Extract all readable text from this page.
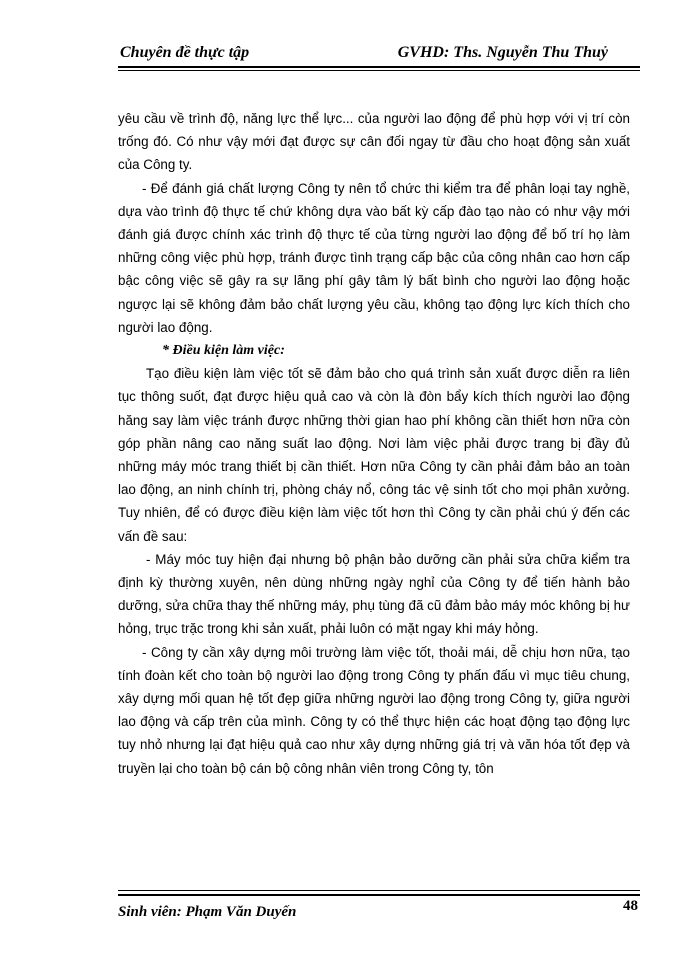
Chuyên đề thực tập	GVHD: Ths. Nguyễn Thu Thuỷ

yêu cầu về trình độ, năng lực thể lực... của người lao động để phù hợp với vị trí còn trống đó. Có như vậy mới đạt được sự cân đối ngay từ đầu cho hoạt động sản xuất của Công ty.

- Để đánh giá chất lượng Công ty nên tổ chức thi kiểm tra để phân loại tay nghề, dựa vào trình độ thực tế chứ không dựa vào bất kỳ cấp đào tạo nào có như vậy mới đánh giá được chính xác trình độ thực tế của từng người lao động để bố trí họ làm những công việc phù hợp, tránh được tình trạng cấp bậc của công nhân cao hơn cấp bậc công việc sẽ gây ra sự lãng phí gây tâm lý bất bình cho người lao động hoặc ngược lại sẽ không đảm bảo chất lượng yêu cầu, không tạo động lực kích thích cho người lao động.

* Điều kiện làm việc:

Tạo điều kiện làm việc tốt sẽ đảm bảo cho quá trình sản xuất được diễn ra liên tục thông suốt, đạt được hiệu quả cao và còn là đòn bẩy kích thích người lao động hăng say làm việc tránh được những thời gian hao phí không cần thiết hơn nữa còn góp phần nâng cao năng suất lao động. Nơi làm việc phải được trang bị đầy đủ những máy móc trang thiết bị cần thiết. Hơn nữa Công ty cần phải đảm bảo an toàn lao động, an ninh chính trị, phòng cháy nổ, công tác vệ sinh tốt cho mọi phân xưởng. Tuy nhiên, để có được điều kiện làm việc tốt hơn thì Công ty cần phải chú ý đến các vấn đề sau:

- Máy móc tuy hiện đại nhưng bộ phận bảo dưỡng cần phải sửa chữa kiểm tra định kỳ thường xuyên, nên dùng những ngày nghỉ của Công ty để tiến hành bảo dưỡng, sửa chữa thay thế những máy, phụ tùng đã cũ đảm bảo máy móc không bị hư hỏng, trục trặc trong khi sản xuất, phải luôn có mặt ngay khi máy hỏng.

- Công ty cần xây dựng môi trường làm việc tốt, thoải mái, dễ chịu hơn nữa, tạo tính đoàn kết cho toàn bộ người lao động trong Công ty phấn đấu vì mục tiêu chung, xây dựng mối quan hệ tốt đẹp giữa những người lao động trong Công ty, giữa người lao động và cấp trên của mình. Công ty có thể thực hiện các hoạt động tạo động lực tuy nhỏ nhưng lại đạt hiệu quả cao như xây dựng những giá trị và văn hóa tốt đẹp và truyền lại cho toàn bộ cán bộ công nhân viên trong Công ty, tôn

Sinh viên: Phạm Văn Duyến	48
